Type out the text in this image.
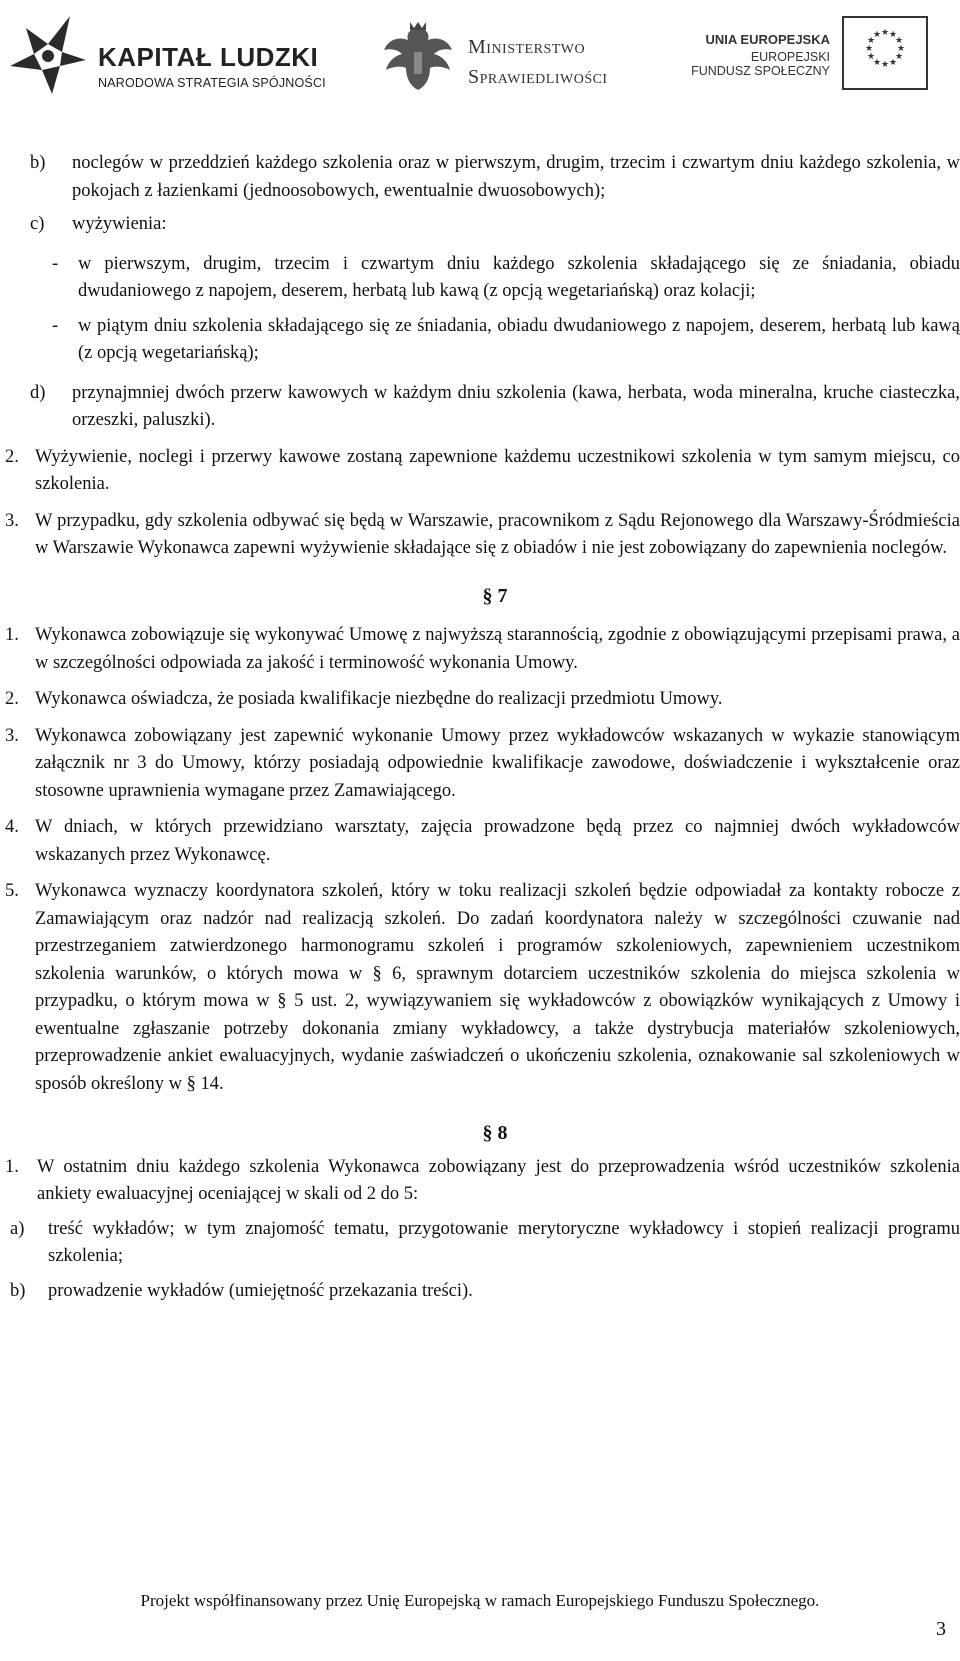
KAPITAŁ LUDZKI
NARODOWA STRATEGIA SPÓJNOŚCI
Ministerstwo
Sprawiedliwości
UNIA EUROPEJSKA
EUROPEJSKI
FUNDUSZ SPOŁECZNY
★ ★
★
★
★
★
★
★
★
★
★
★
b) noclegów w przeddzień każdego szkolenia oraz w pierwszym, drugim, trzecim i czwartym dniu każdego szkolenia, w pokojach z łazienkami (jednoosobowych, ewentualnie dwuosobowych);
c) wyżywienia:
- w pierwszym, drugim, trzecim i czwartym dniu każdego szkolenia składającego się ze śniadania, obiadu dwudaniowego z napojem, deserem, herbatą lub kawą (z opcją wegetariańską) oraz kolacji;
- w piątym dniu szkolenia składającego się ze śniadania, obiadu dwudaniowego z napojem, deserem, herbatą lub kawą (z opcją wegetariańską);
d) przynajmniej dwóch przerw kawowych w każdym dniu szkolenia (kawa, herbata, woda mineralna, kruche ciasteczka, orzeszki, paluszki).
2. Wyżywienie, noclegi i przerwy kawowe zostaną zapewnione każdemu uczestnikowi szkolenia w tym samym miejscu, co szkolenia.
3. W przypadku, gdy szkolenia odbywać się będą w Warszawie, pracownikom z Sądu Rejonowego dla Warszawy-Śródmieścia w Warszawie Wykonawca zapewni wyżywienie składające się z obiadów i nie jest zobowiązany do zapewnienia noclegów.
§ 7
1. Wykonawca zobowiązuje się wykonywać Umowę z najwyższą starannością, zgodnie z obowiązującymi przepisami prawa, a w szczególności odpowiada za jakość i terminowość wykonania Umowy.
2. Wykonawca oświadcza, że posiada kwalifikacje niezbędne do realizacji przedmiotu Umowy.
3. Wykonawca zobowiązany jest zapewnić wykonanie Umowy przez wykładowców wskazanych w wykazie stanowiącym załącznik nr 3 do Umowy, którzy posiadają odpowiednie kwalifikacje zawodowe, doświadczenie i wykształcenie oraz stosowne uprawnienia wymagane przez Zamawiającego.
4. W dniach, w których przewidziano warsztaty, zajęcia prowadzone będą przez co najmniej dwóch wykładowców wskazanych przez Wykonawcę.
5. Wykonawca wyznaczy koordynatora szkoleń, który w toku realizacji szkoleń będzie odpowiadał za kontakty robocze z Zamawiającym oraz nadzór nad realizacją szkoleń. Do zadań koordynatora należy w szczególności czuwanie nad przestrzeganiem zatwierdzonego harmonogramu szkoleń i programów szkoleniowych, zapewnieniem uczestnikom szkolenia warunków, o których mowa w § 6, sprawnym dotarciem uczestników szkolenia do miejsca szkolenia w przypadku, o którym mowa w § 5 ust. 2, wywiązywaniem się wykładowców z obowiązków wynikających z Umowy i ewentualne zgłaszanie potrzeby dokonania zmiany wykładowcy, a także dystrybucja materiałów szkoleniowych, przeprowadzenie ankiet ewaluacyjnych, wydanie zaświadczeń o ukończeniu szkolenia, oznakowanie sal szkoleniowych w sposób określony w § 14.
§ 8
1. W ostatnim dniu każdego szkolenia Wykonawca zobowiązany jest do przeprowadzenia wśród uczestników szkolenia ankiety ewaluacyjnej oceniającej w skali od 2 do 5:
a) treść wykładów; w tym znajomość tematu, przygotowanie merytoryczne wykładowcy i stopień realizacji programu szkolenia;
b) prowadzenie wykładów (umiejętność przekazania treści).
Projekt współfinansowany przez Unię Europejską w ramach Europejskiego Funduszu Społecznego.
3
